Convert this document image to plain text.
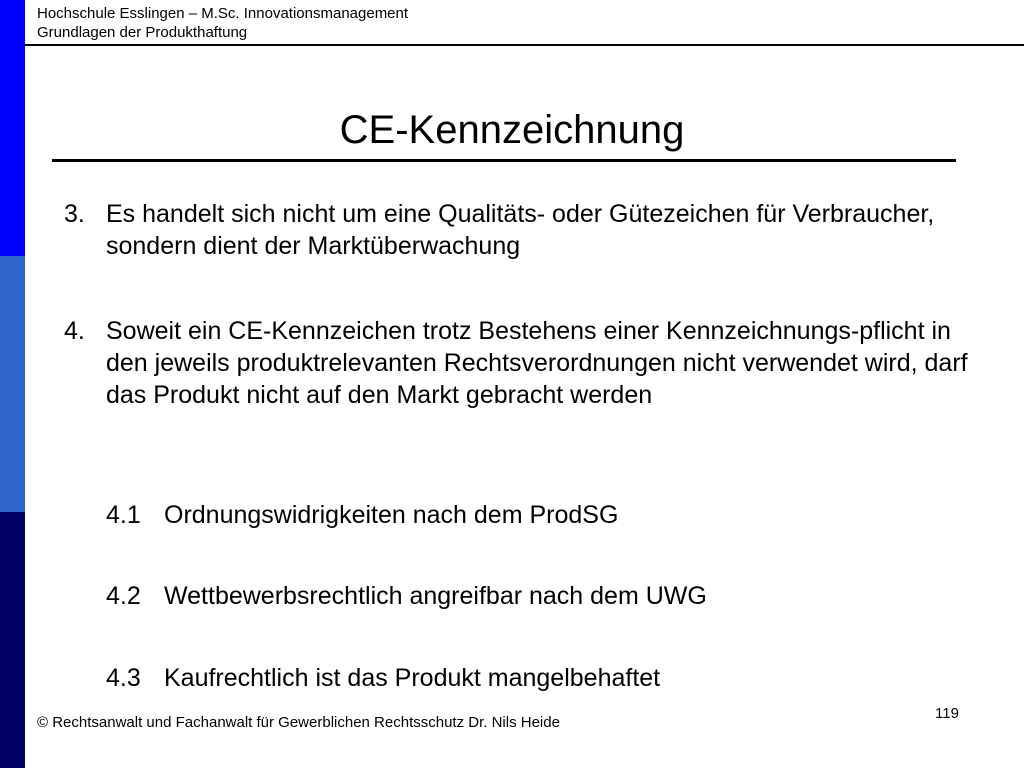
Hochschule Esslingen – M.Sc. Innovationsmanagement
Grundlagen der Produkthaftung
CE-Kennzeichnung
3. Es handelt sich nicht um eine Qualitäts- oder Gütezeichen für Verbraucher, sondern dient der Marktüberwachung
4. Soweit ein CE-Kennzeichen trotz Bestehens einer Kennzeichnungs-pflicht in den jeweils produktrelevanten Rechtsverordnungen nicht verwendet wird, darf das Produkt nicht auf den Markt gebracht werden
4.1 Ordnungswidrigkeiten nach dem ProdSG
4.2 Wettbewerbsrechtlich angreifbar nach dem UWG
4.3 Kaufrechtlich ist das Produkt mangelbehaftet
© Rechtsanwalt und Fachanwalt für Gewerblichen Rechtsschutz Dr. Nils Heide
119
